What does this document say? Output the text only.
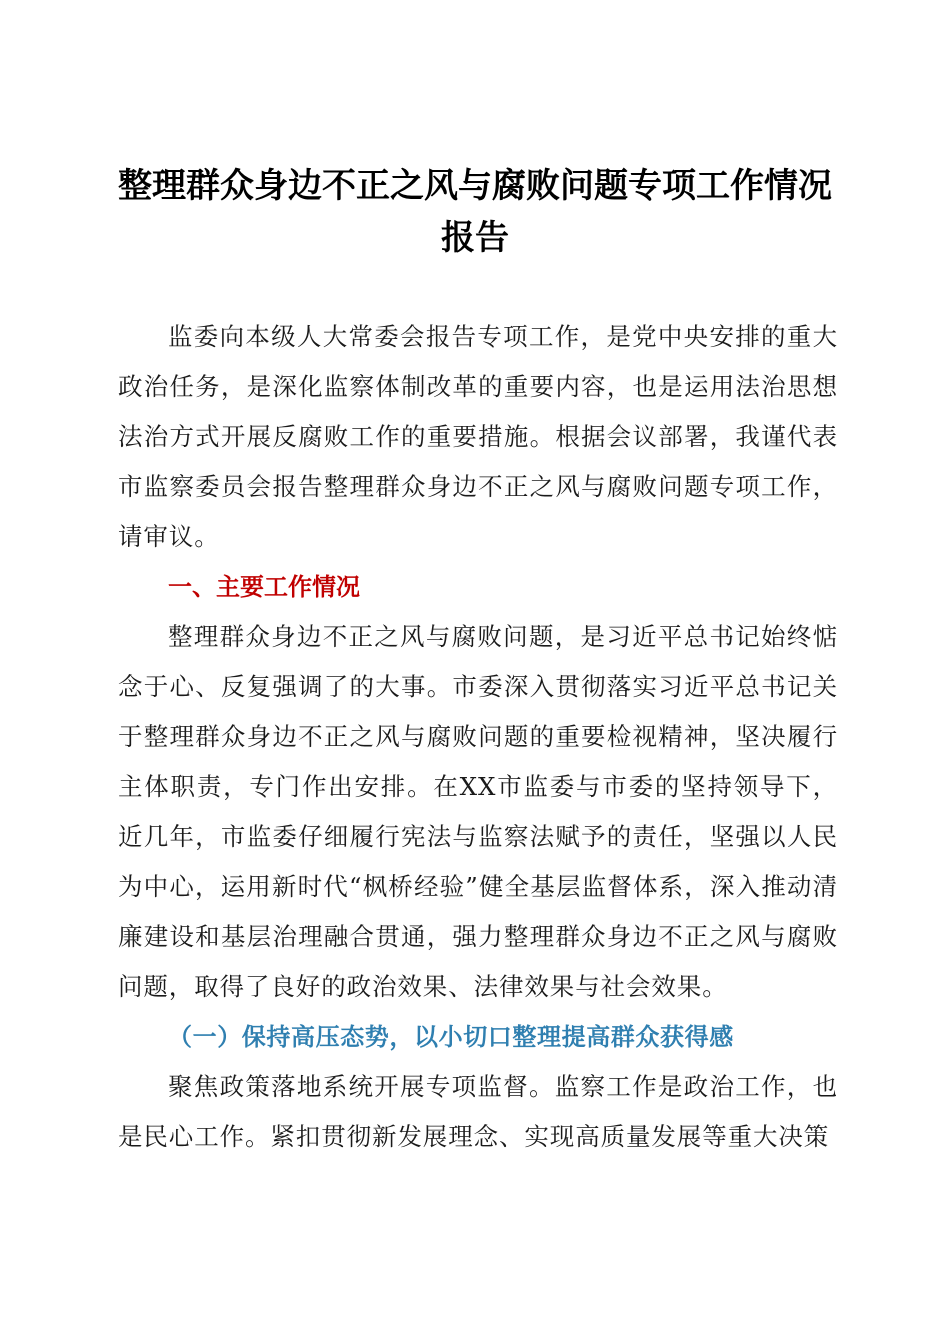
整理群众身边不正之风与腐败问题专项工作情况报告

监委向本级人大常委会报告专项工作，是党中央安排的重大政治任务，是深化监察体制改革的重要内容，也是运用法治思想法治方式开展反腐败工作的重要措施。根据会议部署，我谨代表市监察委员会报告整理群众身边不正之风与腐败问题专项工作，请审议。

一、主要工作情况

整理群众身边不正之风与腐败问题，是习近平总书记始终惦念于心、反复强调了的大事。市委深入贯彻落实习近平总书记关于整理群众身边不正之风与腐败问题的重要检视精神，坚决履行主体职责，专门作出安排。在XX市监委与市委的坚持领导下，近几年，市监委仔细履行宪法与监察法赋予的责任，坚强以人民为中心，运用新时代“枫桥经验”健全基层监督体系，深入推动清廉建设和基层治理融合贯通，强力整理群众身边不正之风与腐败问题，取得了良好的政治效果、法律效果与社会效果。

（一）保持高压态势，以小切口整理提高群众获得感

聚焦政策落地系统开展专项监督。监察工作是政治工作，也是民心工作。紧扣贯彻新发展理念、实现高质量发展等重大决策
